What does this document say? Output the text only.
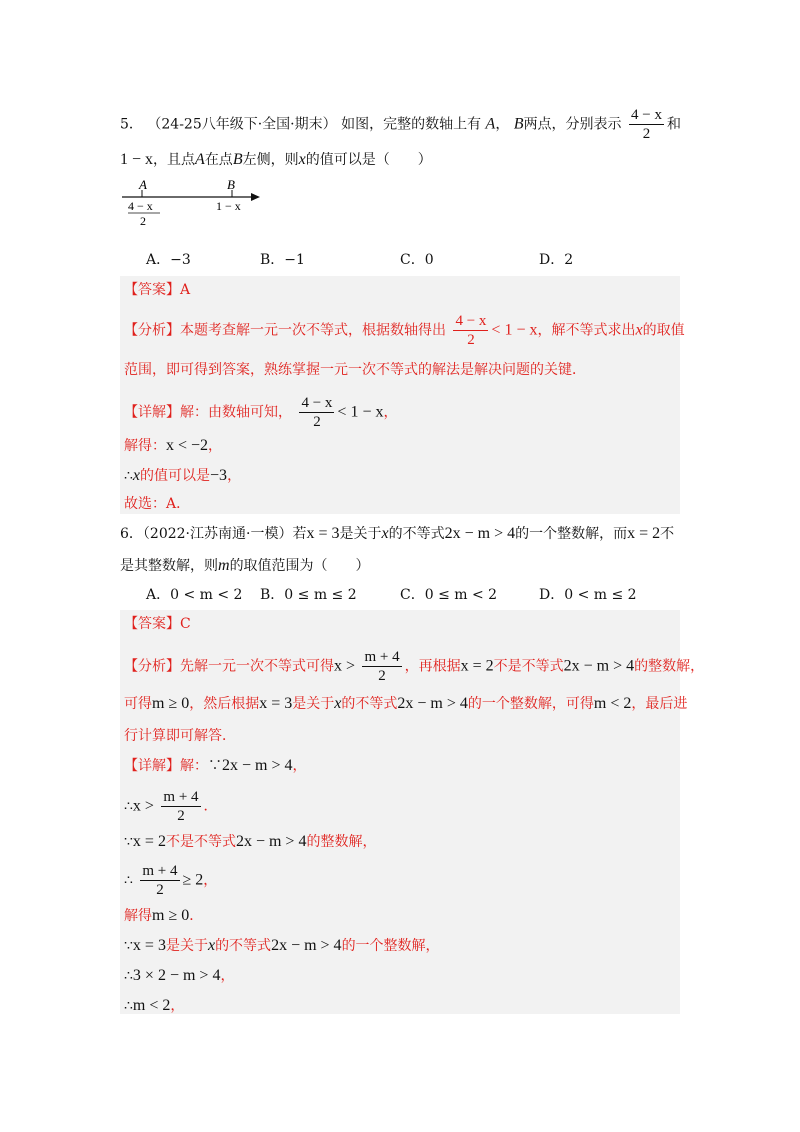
5． （24-25八年级下·全国·期末） 如图，完整的数轴上有 A， B两点，分别表示 $\frac{4 - x}{2}$ 和
1 − x，且点A在点B左侧，则x的值可以是（　　）
A	B
4 − x
2
1 − x
A．−3	B．−1	C．0	D．2
【答案】A
【分析】本题考查解一元一次不等式，根据数轴得出 $\frac{4 - x}{2} < 1 - x$，解不等式求出x的取值
范围，即可得到答案，熟练掌握一元一次不等式的解法是解决问题的关键．
【详解】解：由数轴可知， $\frac{4 - x}{2} < 1 - x$，
解得：x < −2，
∴x的值可以是−3，
故选：A．
6．（2022·江苏南通·一模）若x = 3是关于x的不等式2x − m > 4的一个整数解，而x = 2不
是其整数解，则m的取值范围为（　　）
A．0 < m < 2 B．0 ≤ m ≤ 2	C．0 ≤ m < 2	D．0 < m ≤ 2
【答案】C
【分析】先解一元一次不等式可得$x > \frac{m + 4}{2}$ ，再根据x = 2不是不等式2x − m > 4的整数解，
可得m ≥ 0，然后根据x = 3是关于x的不等式2x − m > 4的一个整数解，可得m < 2，最后进
行计算即可解答．
【详解】解：∵2x − m > 4，
∴x > $\frac{m + 4}{2}$ ．
∵x = 2不是不等式2x − m > 4的整数解，
∴ $\frac{m + 4}{2} \ge 2$，
解得m ≥ 0．
∵x = 3是关于x的不等式2x − m > 4的一个整数解，
∴3 × 2 − m > 4，
∴m < 2，
